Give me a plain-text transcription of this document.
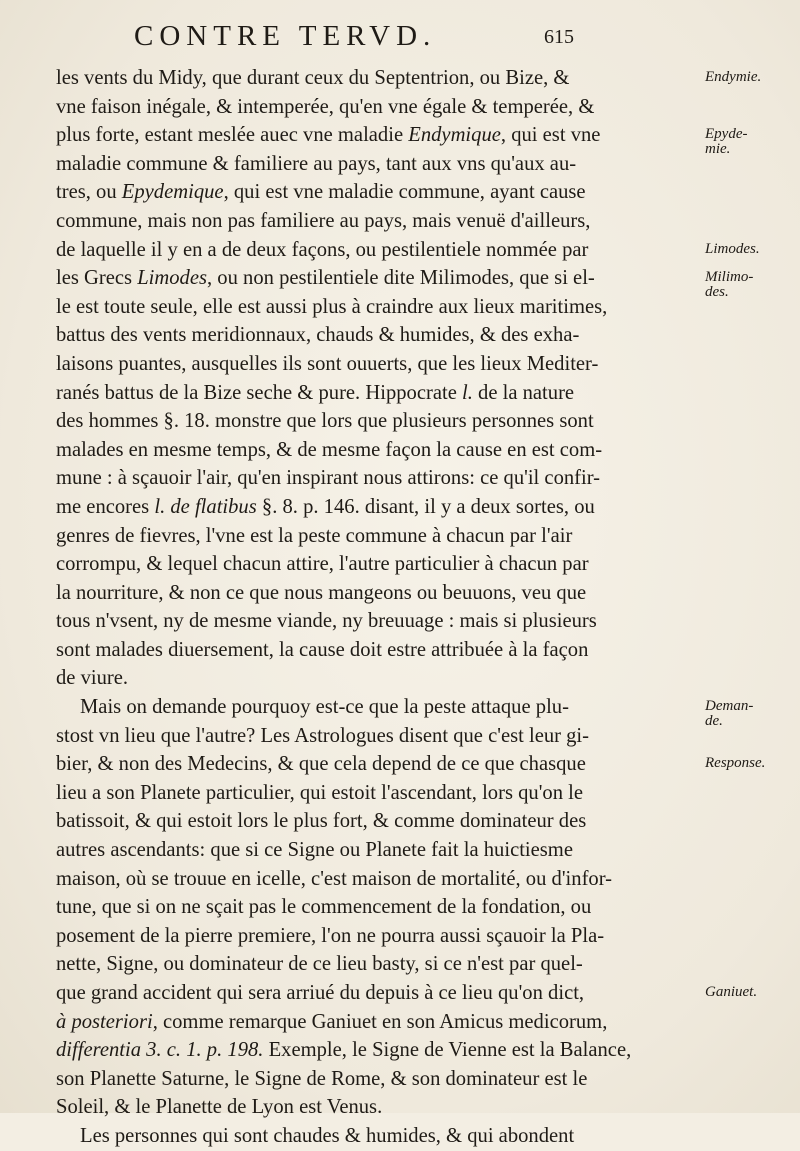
CONTRE TERVD.	615
les vents du Midy, que durant ceux du Septentrion, ou Bize, &
vne faison inégale, & intemperée, qu'en vne égale & temperée, &
plus forte, estant meslée auec vne maladie Endymique, qui est vne
maladie commune & familiere au pays, tant aux vns qu'aux au-
tres, ou Epydemique, qui est vne maladie commune, ayant cause
commune, mais non pas familiere au pays, mais venuë d'ailleurs,
de laquelle il y en a de deux façons, ou pestilentiele nommée par
les Grecs Limodes, ou non pestilentiele dite Milimodes, que si el-
le est toute seule, elle est aussi plus à craindre aux lieux maritimes,
battus des vents meridionnaux, chauds & humides, & des exha-
laisons puantes, ausquelles ils sont ouuerts, que les lieux Mediter-
ranés battus de la Bize seche & pure. Hippocrate l. de la nature
des hommes §. 18. monstre que lors que plusieurs personnes sont
malades en mesme temps, & de mesme façon la cause en est com-
mune : à sçauoir l'air, qu'en inspirant nous attirons: ce qu'il confir-
me encores l. de flatibus §. 8. p. 146. disant, il y a deux sortes, ou
genres de fievres, l'vne est la peste commune à chacun par l'air
corrompu, & lequel chacun attire, l'autre particulier à chacun par
la nourriture, & non ce que nous mangeons ou beuuons, veu que
tous n'vsent, ny de mesme viande, ny breuuage : mais si plusieurs
sont malades diuersement, la cause doit estre attribuée à la façon
de viure.
Mais on demande pourquoy est-ce que la peste attaque plu-
stost vn lieu que l'autre? Les Astrologues disent que c'est leur gi-
bier, & non des Medecins, & que cela depend de ce que chasque
lieu a son Planete particulier, qui estoit l'ascendant, lors qu'on le
batissoit, & qui estoit lors le plus fort, & comme dominateur des
autres ascendants: que si ce Signe ou Planete fait la huictiesme
maison, où se trouue en icelle, c'est maison de mortalité, ou d'infor-
tune, que si on ne sçait pas le commencement de la fondation, ou
posement de la pierre premiere, l'on ne pourra aussi sçauoir la Pla-
nette, Signe, ou dominateur de ce lieu basty, si ce n'est par quel-
que grand accident qui sera arriué du depuis à ce lieu qu'on dict,
à posteriori, comme remarque Ganiuet en son Amicus medicorum,
differentia 3. c. 1. p. 198. Exemple, le Signe de Vienne est la Balance,
son Planette Saturne, le Signe de Rome, & son dominateur est le
Soleil, & le Planette de Lyon est Venus.
Les personnes qui sont chaudes & humides, & qui abondent
Endymie.
Epyde-
mie.
Limodes.
Milimo-
des.
Deman-
de.
Response.
Ganiuet.
